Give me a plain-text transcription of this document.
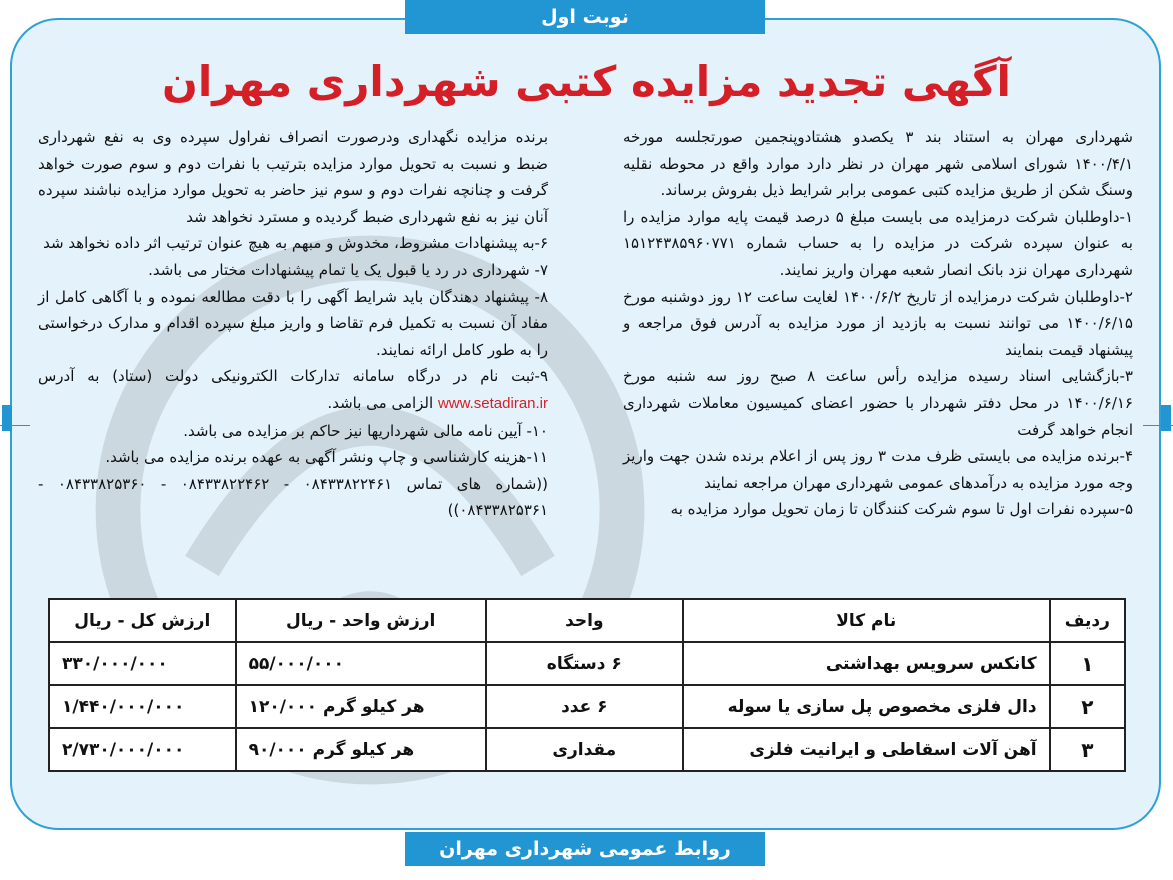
نوبت اول
آگهی تجدید مزایده کتبی شهرداری مهران

شهرداری مهران به استناد بند ۳ یکصدو هشتادوپنجمین صورتجلسه مورخه ۱۴۰۰/۴/۱ شورای اسلامی شهر مهران در نظر دارد موارد واقع در محوطه نقلیه وسنگ شکن از طریق مزایده کتبی عمومی برابر شرایط ذیل بفروش برساند.

۱-داوطلبان شرکت درمزایده می بایست مبلغ ۵ درصد قیمت پایه موارد مزایده را به عنوان سپرده شرکت در مزایده را به حساب شماره ۱۵۱۲۴۳۸۵۹۶۰۷۷۱ شهرداری مهران نزد بانک انصار شعبه مهران واریز نمایند.

۲-داوطلبان شرکت درمزایده از تاریخ ۱۴۰۰/۶/۲ لغایت ساعت ۱۲ روز دوشنبه مورخ ۱۴۰۰/۶/۱۵ می توانند نسبت به بازدید از مورد مزایده به آدرس فوق مراجعه و پیشنهاد قیمت بنمایند

۳-بازگشایی اسناد رسیده مزایده رأس ساعت ۸ صبح روز سه شنبه مورخ ۱۴۰۰/۶/۱۶ در محل دفتر شهردار با حضور اعضای کمیسیون معاملات شهرداری انجام خواهد گرفت

۴-برنده مزایده می بایستی ظرف مدت ۳ روز پس از اعلام برنده شدن جهت واریز وجه مورد مزایده به درآمدهای عمومی شهرداری مهران مراجعه نمایند

۵-سپرده نفرات اول تا سوم شرکت کنندگان تا زمان تحویل موارد مزایده به

برنده مزایده نگهداری ودرصورت انصراف نفراول سپرده وی به نفع شهرداری ضبط و نسبت به تحویل موارد مزایده بترتیب با نفرات دوم و سوم صورت خواهد گرفت و چنانچه نفرات دوم و سوم نیز حاضر به تحویل موارد مزایده نباشند سپرده آنان نیز به نفع شهرداری ضبط گردیده و مسترد نخواهد شد

۶-به پیشنهادات مشروط، مخدوش و مبهم به هیچ عنوان ترتیب اثر داده نخواهد شد

۷- شهرداری در رد یا قبول یک یا تمام پیشنهادات مختار می باشد.

۸- پیشنهاد دهندگان باید شرایط آگهی را با دقت مطالعه نموده و با آگاهی کامل از مفاد آن نسبت به تکمیل فرم تقاضا و واریز مبلغ سپرده اقدام و مدارک درخواستی را به طور کامل ارائه نمایند.

۹-ثبت نام در درگاه سامانه تدارکات الکترونیکی دولت (ستاد) به آدرس www.setadiran.ir الزامی می باشد.

۱۰- آیین نامه مالی شهرداریها نیز حاکم بر مزایده می باشد.

۱۱-هزینه کارشناسی و چاپ ونشر آگهی به عهده برنده مزایده می باشد.

((شماره های تماس ۰۸۴۳۳۸۲۲۴۶۱ - ۰۸۴۳۳۸۲۲۴۶۲ - ۰۸۴۳۳۸۲۵۳۶۰ - ۰۸۴۳۳۸۲۵۳۶۱))

ردیف	نام کالا	واحد	ارزش واحد - ریال	ارزش کل - ریال
۱	کانکس سرویس بهداشتی	۶ دستگاه	۵۵/۰۰۰/۰۰۰	۳۳۰/۰۰۰/۰۰۰
۲	دال فلزی مخصوص پل سازی یا سوله	۶ عدد	هر کیلو گرم ۱۲۰/۰۰۰	۱/۴۴۰/۰۰۰/۰۰۰
۳	آهن آلات اسقاطی و ایرانیت فلزی	مقداری	هر کیلو گرم ۹۰/۰۰۰	۲/۷۳۰/۰۰۰/۰۰۰
روابط عمومی شهرداری مهران
